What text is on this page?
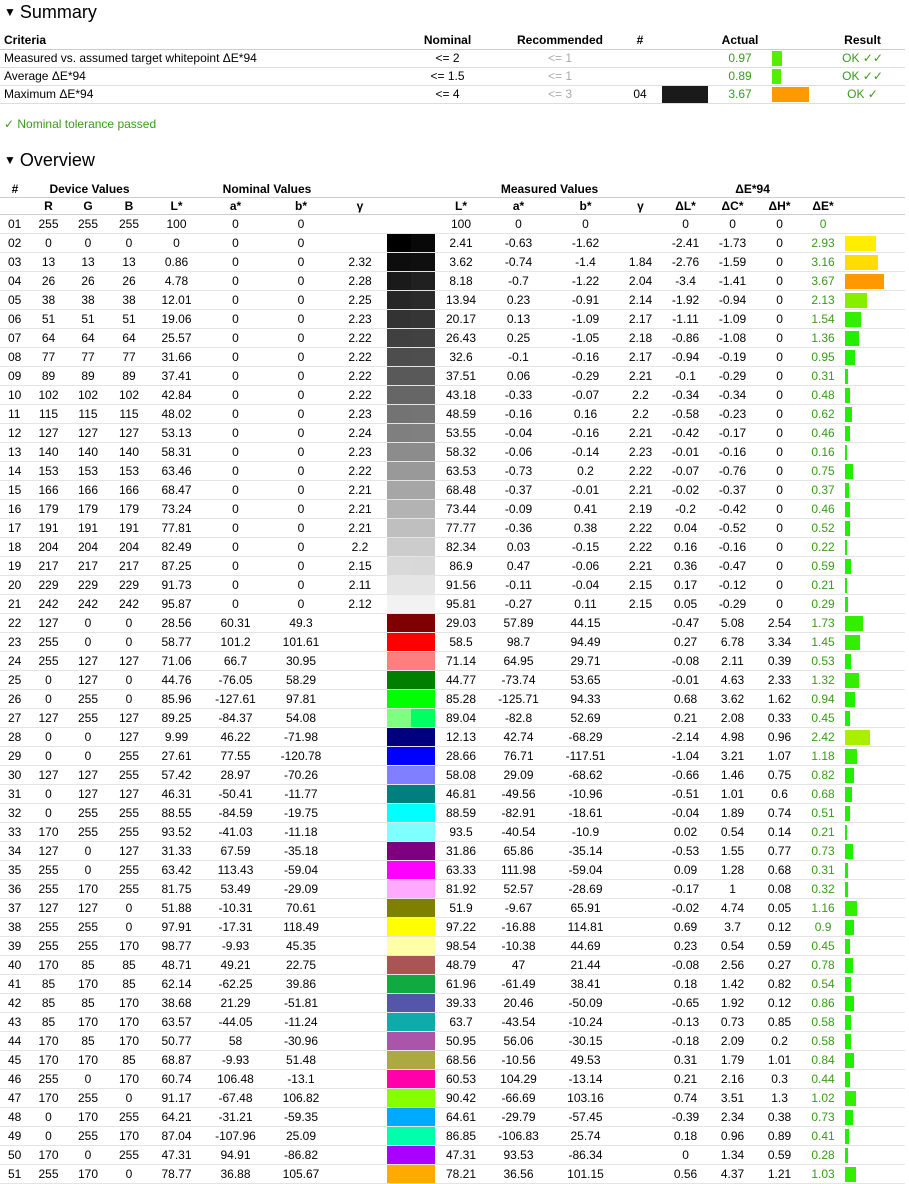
▼ Summary
Criteria	Nominal	Recommended	#		Actual		Result
Measured vs. assumed target whitepoint ΔE*94	<= 2	<= 1			0.97		OK ✓✓
Average ΔE*94	<= 1.5	<= 1			0.89		OK ✓✓
Maximum ΔE*94	<= 4	<= 3	04		3.67		OK ✓
✓ Nominal tolerance passed
▼ Overview
#	Device Values			Nominal Values					Measured Values				ΔE*94				
	R	G	B	L*	a*	b*	γ		L*	a*	b*	γ	ΔL*	ΔC*	ΔH*	ΔE*	
01	255	255	255	100	0	0			100	0	0		0	0	0	0	

02	0	0	0	0	0	0			2.41	-0.63	-1.62		-2.41	-1.73	0	2.93	

03	13	13	13	0.86	0	0	2.32		3.62	-0.74	-1.4	1.84	-2.76	-1.59	0	3.16	

04	26	26	26	4.78	0	0	2.28		8.18	-0.7	-1.22	2.04	-3.4	-1.41	0	3.67	

05	38	38	38	12.01	0	0	2.25		13.94	0.23	-0.91	2.14	-1.92	-0.94	0	2.13	

06	51	51	51	19.06	0	0	2.23		20.17	0.13	-1.09	2.17	-1.11	-1.09	0	1.54	

07	64	64	64	25.57	0	0	2.22		26.43	0.25	-1.05	2.18	-0.86	-1.08	0	1.36	

08	77	77	77	31.66	0	0	2.22		32.6	-0.1	-0.16	2.17	-0.94	-0.19	0	0.95	

09	89	89	89	37.41	0	0	2.22		37.51	0.06	-0.29	2.21	-0.1	-0.29	0	0.31	

10	102	102	102	42.84	0	0	2.22		43.18	-0.33	-0.07	2.2	-0.34	-0.34	0	0.48	

11	115	115	115	48.02	0	0	2.23		48.59	-0.16	0.16	2.2	-0.58	-0.23	0	0.62	

12	127	127	127	53.13	0	0	2.24		53.55	-0.04	-0.16	2.21	-0.42	-0.17	0	0.46	

13	140	140	140	58.31	0	0	2.23		58.32	-0.06	-0.14	2.23	-0.01	-0.16	0	0.16	

14	153	153	153	63.46	0	0	2.22		63.53	-0.73	0.2	2.22	-0.07	-0.76	0	0.75	

15	166	166	166	68.47	0	0	2.21		68.48	-0.37	-0.01	2.21	-0.02	-0.37	0	0.37	

16	179	179	179	73.24	0	0	2.21		73.44	-0.09	0.41	2.19	-0.2	-0.42	0	0.46	

17	191	191	191	77.81	0	0	2.21		77.77	-0.36	0.38	2.22	0.04	-0.52	0	0.52	

18	204	204	204	82.49	0	0	2.2		82.34	0.03	-0.15	2.22	0.16	-0.16	0	0.22	

19	217	217	217	87.25	0	0	2.15		86.9	0.47	-0.06	2.21	0.36	-0.47	0	0.59	

20	229	229	229	91.73	0	0	2.11		91.56	-0.11	-0.04	2.15	0.17	-0.12	0	0.21	

21	242	242	242	95.87	0	0	2.12		95.81	-0.27	0.11	2.15	0.05	-0.29	0	0.29	

22	127	0	0	28.56	60.31	49.3			29.03	57.89	44.15		-0.47	5.08	2.54	1.73	

23	255	0	0	58.77	101.2	101.61			58.5	98.7	94.49		0.27	6.78	3.34	1.45	

24	255	127	127	71.06	66.7	30.95			71.14	64.95	29.71		-0.08	2.11	0.39	0.53	

25	0	127	0	44.76	-76.05	58.29			44.77	-73.74	53.65		-0.01	4.63	2.33	1.32	

26	0	255	0	85.96	-127.61	97.81			85.28	-125.71	94.33		0.68	3.62	1.62	0.94	

27	127	255	127	89.25	-84.37	54.08			89.04	-82.8	52.69		0.21	2.08	0.33	0.45	

28	0	0	127	9.99	46.22	-71.98			12.13	42.74	-68.29		-2.14	4.98	0.96	2.42	

29	0	0	255	27.61	77.55	-120.78			28.66	76.71	-117.51		-1.04	3.21	1.07	1.18	

30	127	127	255	57.42	28.97	-70.26			58.08	29.09	-68.62		-0.66	1.46	0.75	0.82	

31	0	127	127	46.31	-50.41	-11.77			46.81	-49.56	-10.96		-0.51	1.01	0.6	0.68	

32	0	255	255	88.55	-84.59	-19.75			88.59	-82.91	-18.61		-0.04	1.89	0.74	0.51	

33	170	255	255	93.52	-41.03	-11.18			93.5	-40.54	-10.9		0.02	0.54	0.14	0.21	

34	127	0	127	31.33	67.59	-35.18			31.86	65.86	-35.14		-0.53	1.55	0.77	0.73	

35	255	0	255	63.42	113.43	-59.04			63.33	111.98	-59.04		0.09	1.28	0.68	0.31	

36	255	170	255	81.75	53.49	-29.09			81.92	52.57	-28.69		-0.17	1	0.08	0.32	

37	127	127	0	51.88	-10.31	70.61			51.9	-9.67	65.91		-0.02	4.74	0.05	1.16	

38	255	255	0	97.91	-17.31	118.49			97.22	-16.88	114.81		0.69	3.7	0.12	0.9	

39	255	255	170	98.77	-9.93	45.35			98.54	-10.38	44.69		0.23	0.54	0.59	0.45	

40	170	85	85	48.71	49.21	22.75			48.79	47	21.44		-0.08	2.56	0.27	0.78	

41	85	170	85	62.14	-62.25	39.86			61.96	-61.49	38.41		0.18	1.42	0.82	0.54	

42	85	85	170	38.68	21.29	-51.81			39.33	20.46	-50.09		-0.65	1.92	0.12	0.86	

43	85	170	170	63.57	-44.05	-11.24			63.7	-43.54	-10.24		-0.13	0.73	0.85	0.58	

44	170	85	170	50.77	58	-30.96			50.95	56.06	-30.15		-0.18	2.09	0.2	0.58	

45	170	170	85	68.87	-9.93	51.48			68.56	-10.56	49.53		0.31	1.79	1.01	0.84	

46	255	0	170	60.74	106.48	-13.1			60.53	104.29	-13.14		0.21	2.16	0.3	0.44	

47	170	255	0	91.17	-67.48	106.82			90.42	-66.69	103.16		0.74	3.51	1.3	1.02	

48	0	170	255	64.21	-31.21	-59.35			64.61	-29.79	-57.45		-0.39	2.34	0.38	0.73	

49	0	255	170	87.04	-107.96	25.09			86.85	-106.83	25.74		0.18	0.96	0.89	0.41	

50	170	0	255	47.31	94.91	-86.82			47.31	93.53	-86.34		0	1.34	0.59	0.28	

51	255	170	0	78.77	36.88	105.67			78.21	36.56	101.15		0.56	4.37	1.21	1.03	
